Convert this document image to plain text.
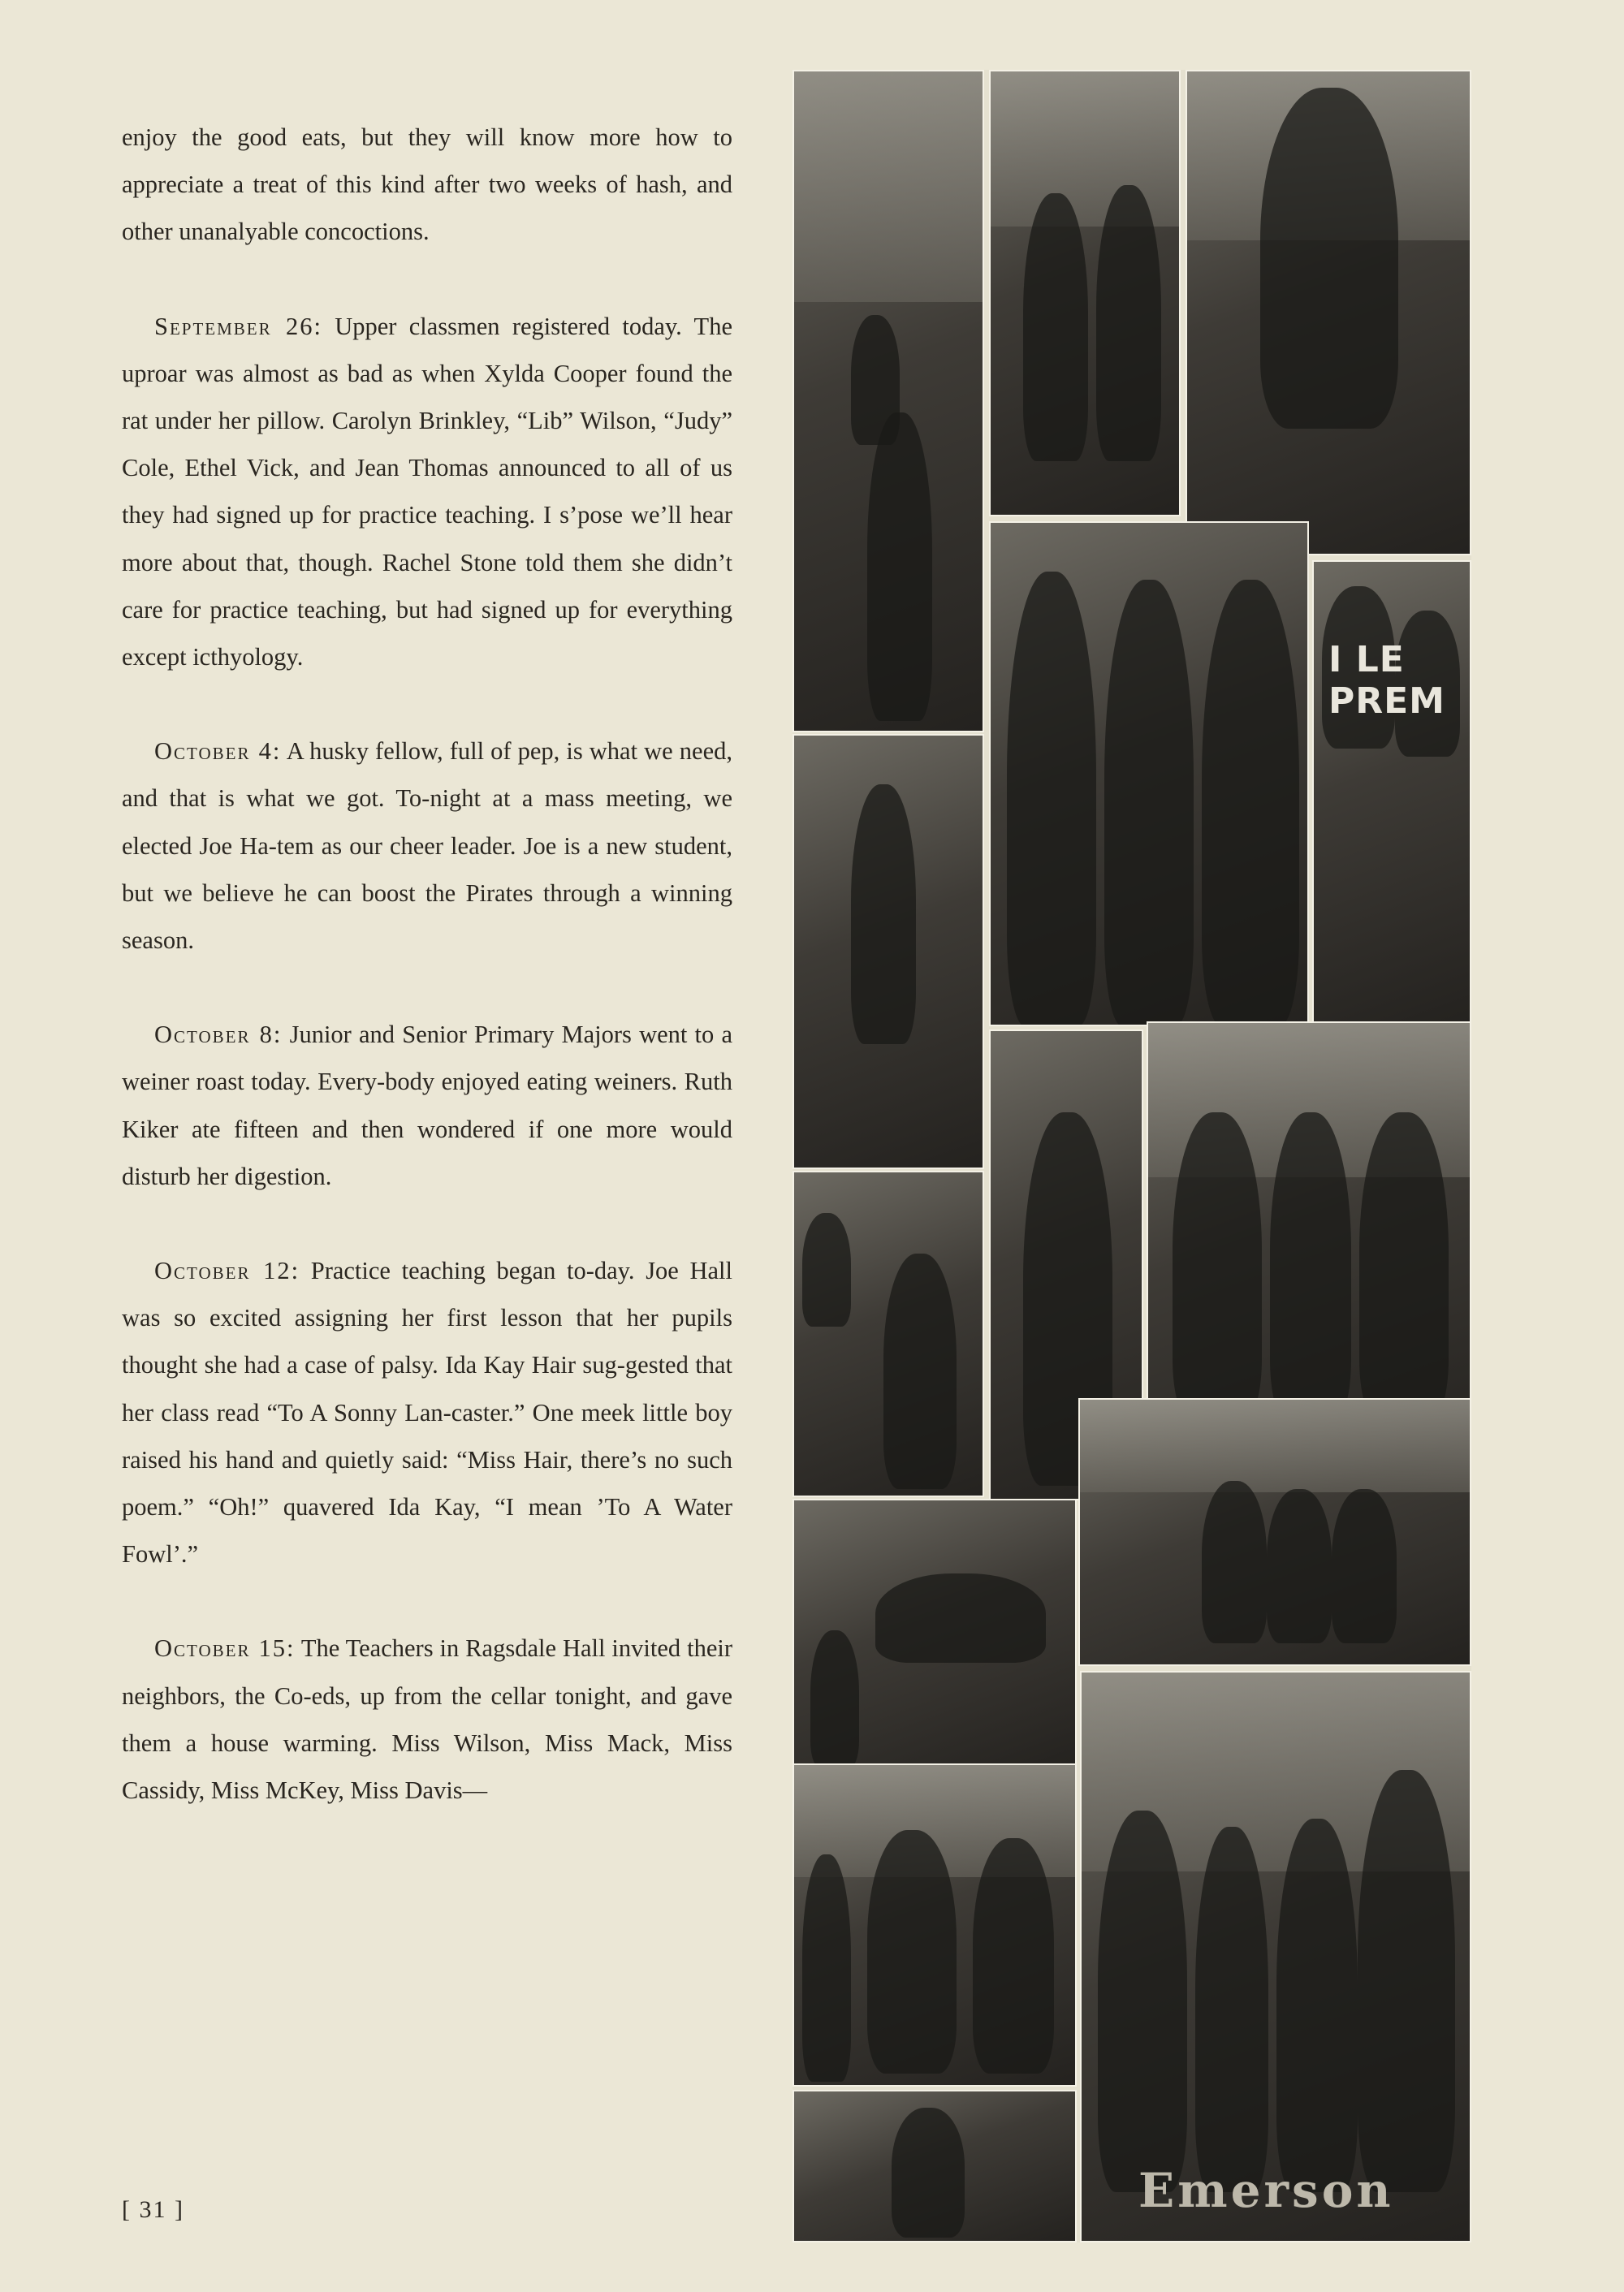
enjoy the good eats, but they will know more how to appreciate a treat of this kind after two weeks of hash, and other unanalyable concoctions.

September 26: Upper classmen registered today. The uproar was almost as bad as when Xylda Cooper found the rat under her pillow. Carolyn Brinkley, “Lib” Wilson, “Judy” Cole, Ethel Vick, and Jean Thomas announced to all of us they had signed up for practice teaching. I s’pose we’ll hear more about that, though. Rachel Stone told them she didn’t care for practice teaching, but had signed up for everything except icthyology.

October 4: A husky fellow, full of pep, is what we need, and that is what we got. To-night at a mass meeting, we elected Joe Ha-tem as our cheer leader. Joe is a new student, but we believe he can boost the Pirates through a winning season.

October 8: Junior and Senior Primary Majors went to a weiner roast today. Every-body enjoyed eating weiners. Ruth Kiker ate fifteen and then wondered if one more would disturb her digestion.

October 12: Practice teaching began to-day. Joe Hall was so excited assigning her first lesson that her pupils thought she had a case of palsy. Ida Kay Hair sug-gested that her class read “To A Sonny Lan-caster.” One meek little boy raised his hand and quietly said: “Miss Hair, there’s no such poem.” “Oh!” quavered Ida Kay, “I mean ’To A Water Fowl’.”

October 15: The Teachers in Ragsdale Hall invited their neighbors, the Co-eds, up from the cellar tonight, and gave them a house warming. Miss Wilson, Miss Mack, Miss Cassidy, Miss McKey, Miss Davis—

[ 31 ]
I LE PREM
Emerson
